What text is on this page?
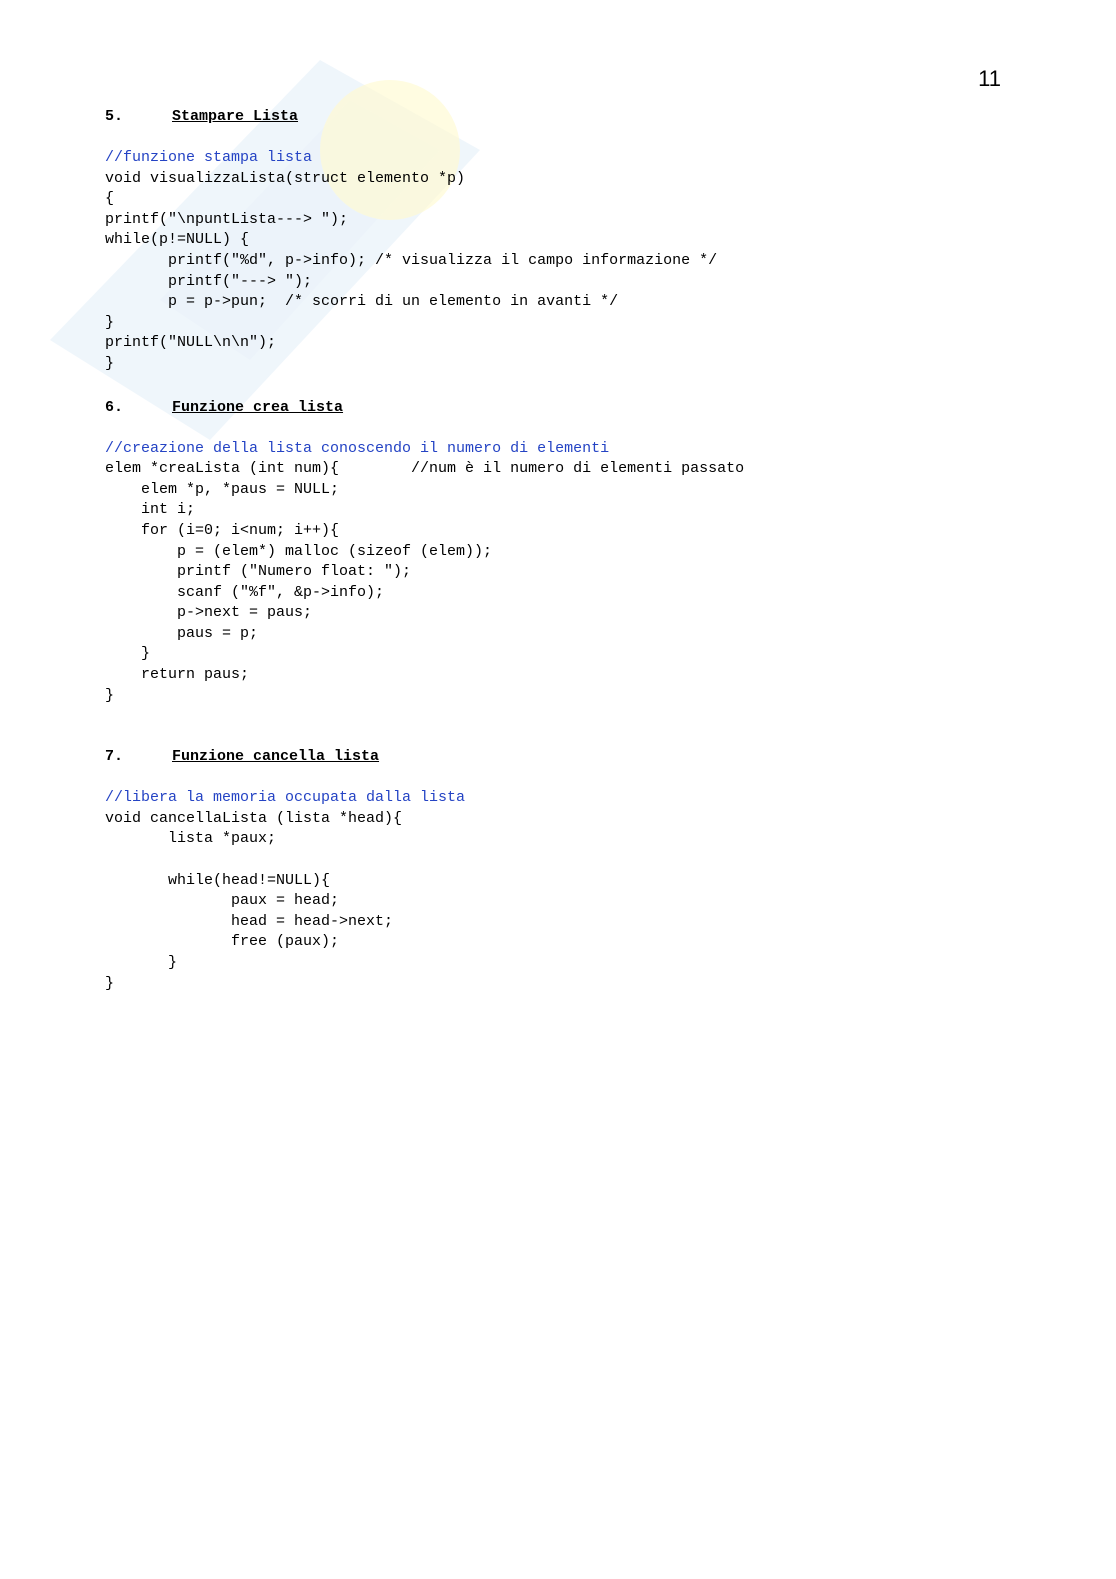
11
5.	Stampare Lista
//funzione stampa lista
void visualizzaLista(struct elemento *p)
{
printf("\npuntLista---> ");
while(p!=NULL) {
printf("%d", p->info); /* visualizza il campo informazione */
printf("---> ");
p = p->pun;  /* scorri di un elemento in avanti */
}
printf("NULL\n\n");
}
6.	Funzione crea lista
//creazione della lista conoscendo il numero di elementi
elem *creaLista (int num){        //num è il numero di elementi passato
elem *p, *paus = NULL;
int i;
for (i=0; i<num; i++){
p = (elem*) malloc (sizeof (elem));
printf ("Numero float: ");
scanf ("%f", &p->info);
p->next = paus;
paus = p;
}
return paus;
}
7.	Funzione cancella lista
//libera la memoria occupata dalla lista
void cancellaLista (lista *head){
lista *paux;
while(head!=NULL){
paux = head;
head = head->next;
free (paux);
}
}
